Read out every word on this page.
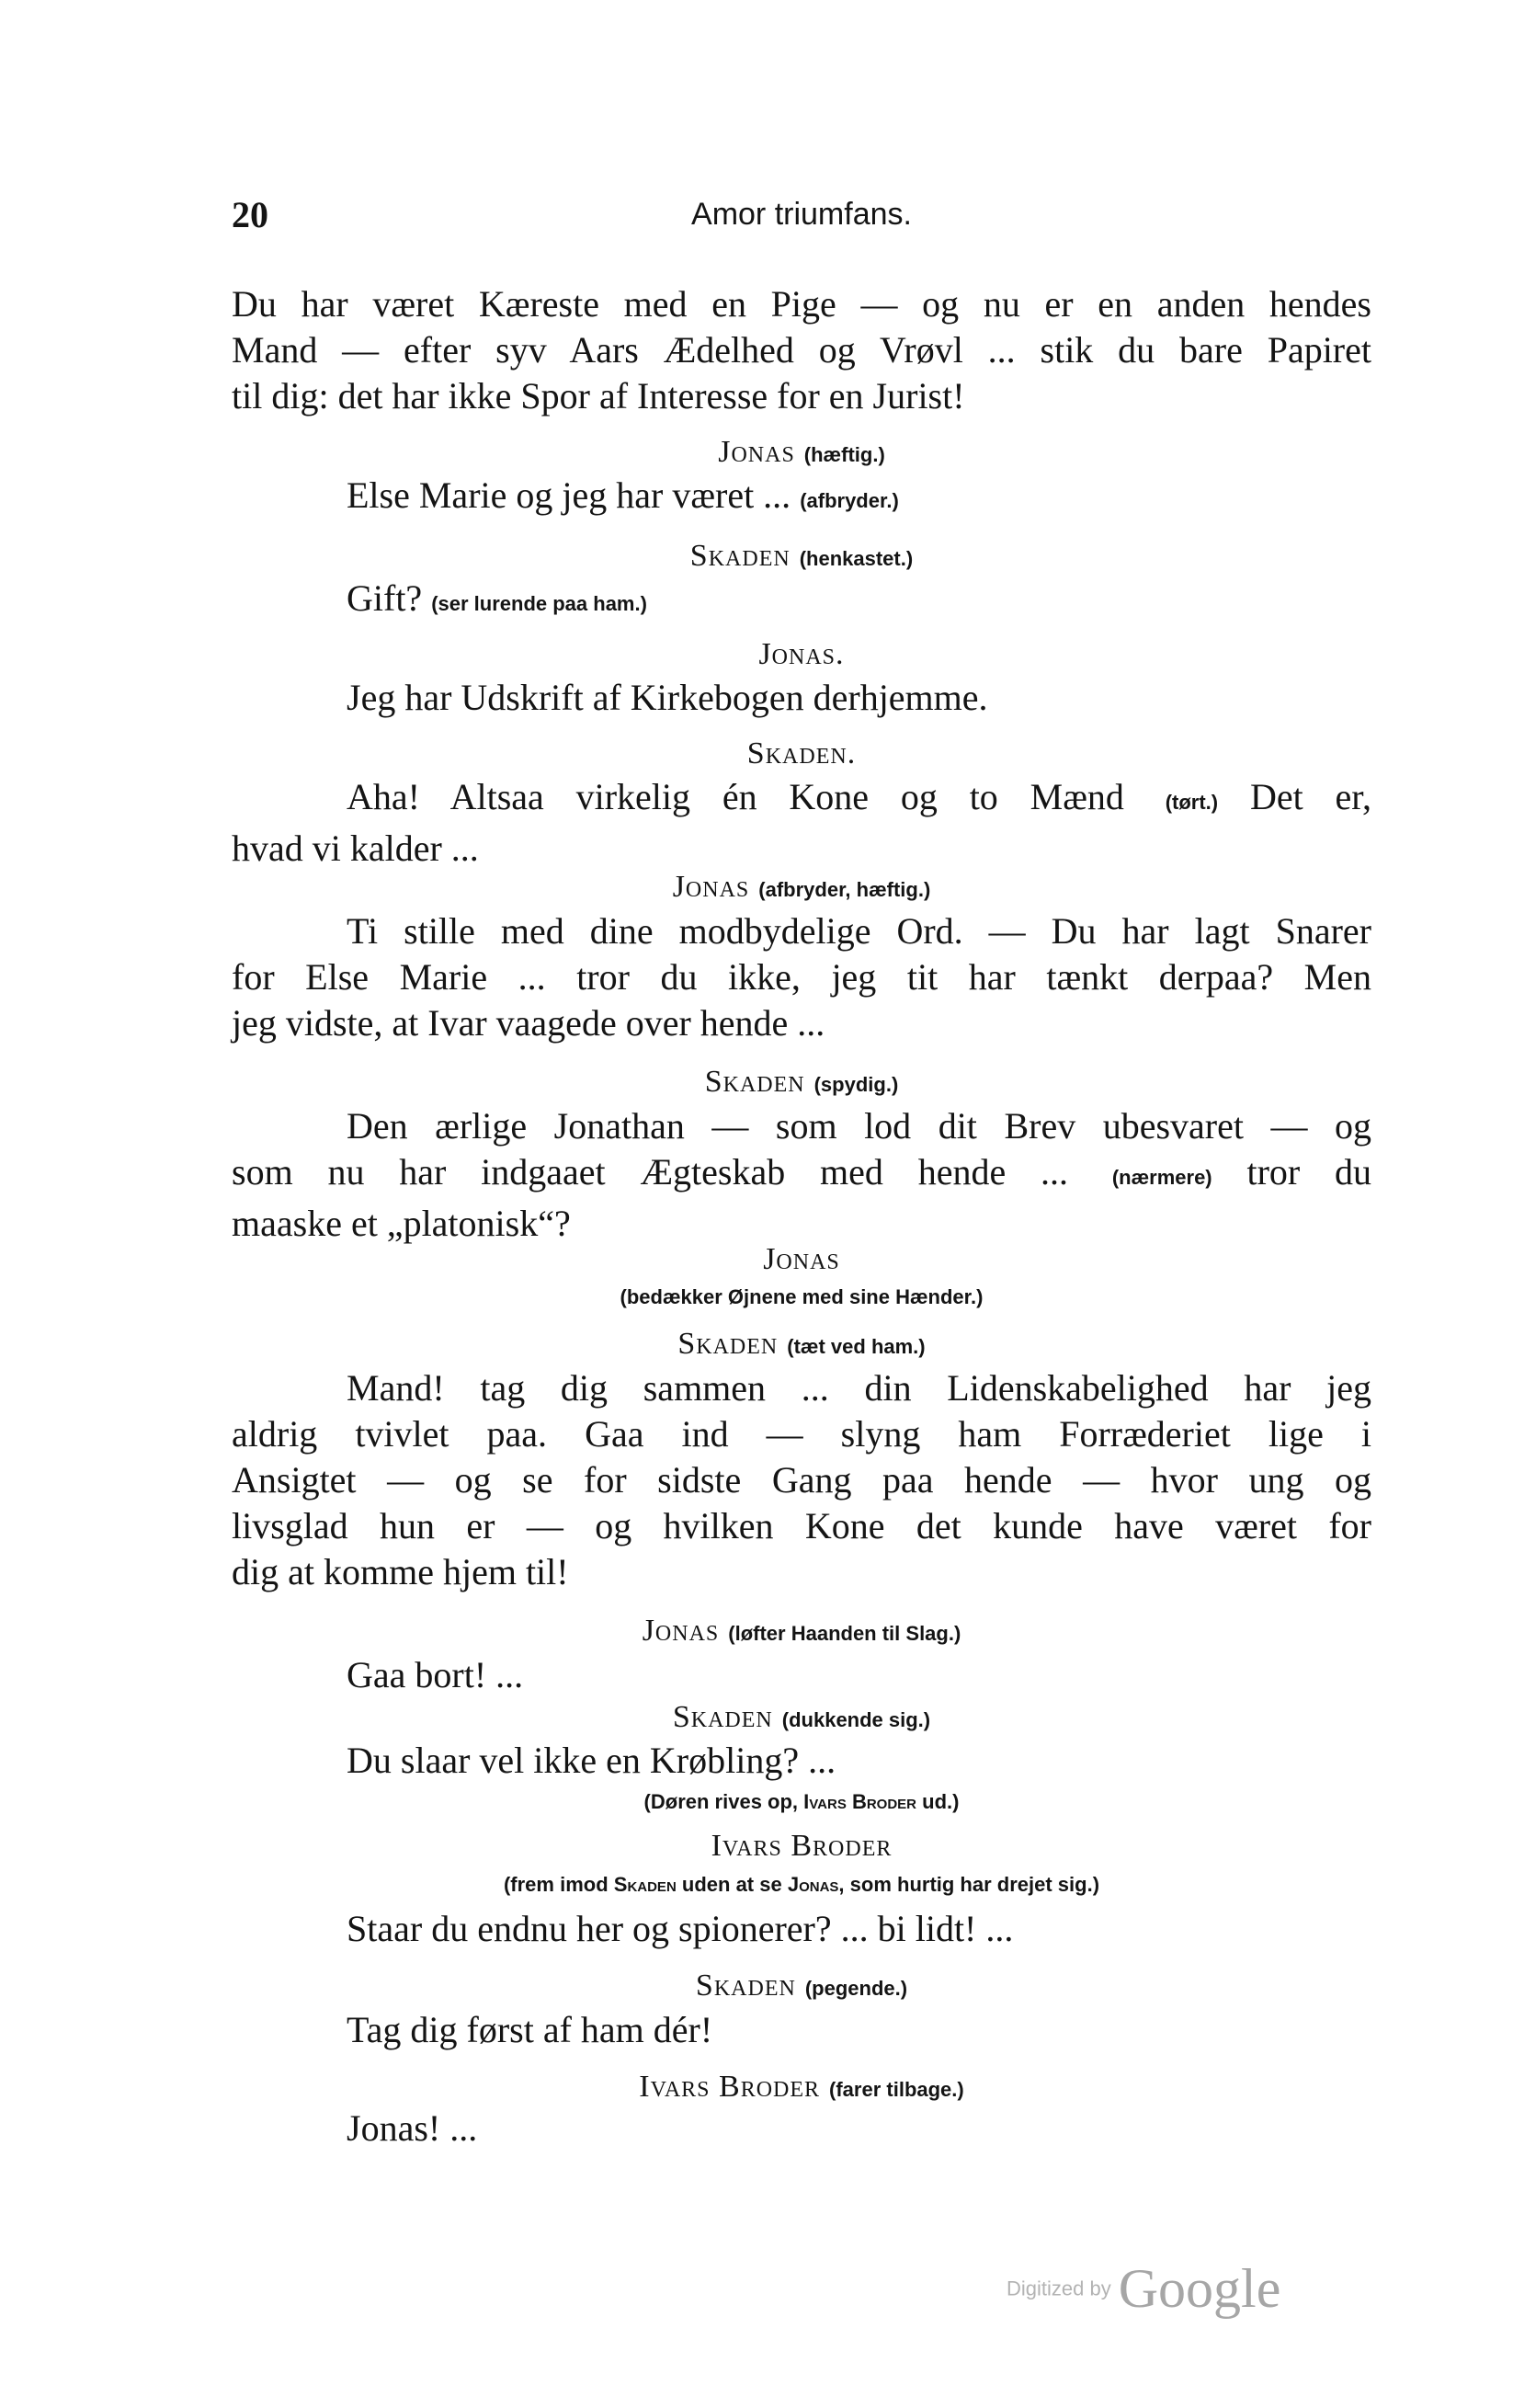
20	Amor triumfans.
Du har været Kæreste med en Pige — og nu er en anden hendes
Mand — efter syv Aars Ædelhed og Vrøvl ... stik du bare Papiret
til dig: det har ikke Spor af Interesse for en Jurist!
Jonas (hæftig.)
Else Marie og jeg har været ... (afbryder.)
Skaden (henkastet.)
Gift? (ser lurende paa ham.)
Jonas.
Jeg har Udskrift af Kirkebogen derhjemme.
Skaden.
Aha! Altsaa virkelig én Kone og to Mænd (tørt.) Det er,
hvad vi kalder ...
Jonas (afbryder, hæftig.)
Ti stille med dine modbydelige Ord. — Du har lagt Snarer
for Else Marie ... tror du ikke, jeg tit har tænkt derpaa? Men
jeg vidste, at Ivar vaagede over hende ...
Skaden (spydig.)
Den ærlige Jonathan — som lod dit Brev ubesvaret — og
som nu har indgaaet Ægteskab med hende ... (nærmere) tror du
maaske et „platonisk“?
Jonas
(bedækker Øjnene med sine Hænder.)
Skaden (tæt ved ham.)
Mand! tag dig sammen ... din Lidenskabelighed har jeg
aldrig tvivlet paa. Gaa ind — slyng ham Forræderiet lige i
Ansigtet — og se for sidste Gang paa hende — hvor ung og
livsglad hun er — og hvilken Kone det kunde have været for
dig at komme hjem til!
Jonas (løfter Haanden til Slag.)
Gaa bort! ...
Skaden (dukkende sig.)
Du slaar vel ikke en Krøbling? ...
(Døren rives op, Ivars Broder ud.)
Ivars Broder
(frem imod Skaden uden at se Jonas, som hurtig har drejet sig.)
Staar du endnu her og spionerer? ... bi lidt! ...
Skaden (pegende.)
Tag dig først af ham dér!
Ivars Broder (farer tilbage.)
Jonas! ...
Digitized by Google
